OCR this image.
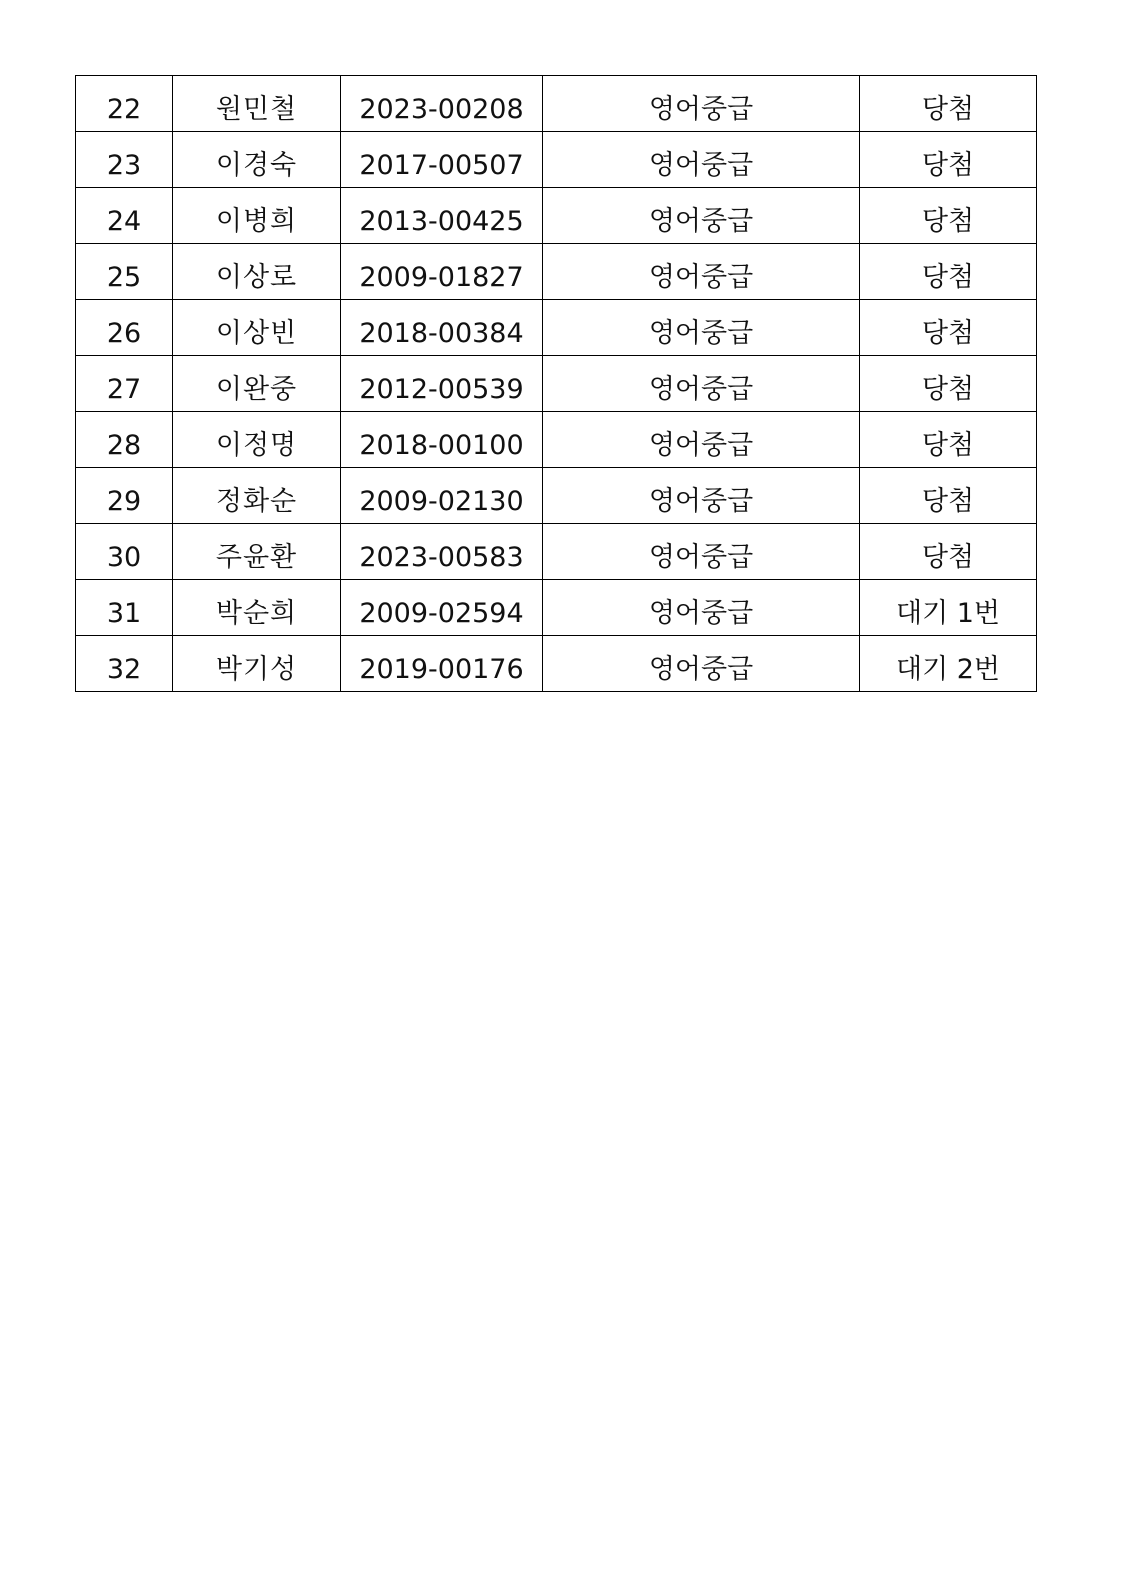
22	원민철	2023-00208	영어중급	당첨
23	이경숙	2017-00507	영어중급	당첨
24	이병희	2013-00425	영어중급	당첨
25	이상로	2009-01827	영어중급	당첨
26	이상빈	2018-00384	영어중급	당첨
27	이완중	2012-00539	영어중급	당첨
28	이정명	2018-00100	영어중급	당첨
29	정화순	2009-02130	영어중급	당첨
30	주윤환	2023-00583	영어중급	당첨
31	박순희	2009-02594	영어중급	대기 1번
32	박기성	2019-00176	영어중급	대기 2번
